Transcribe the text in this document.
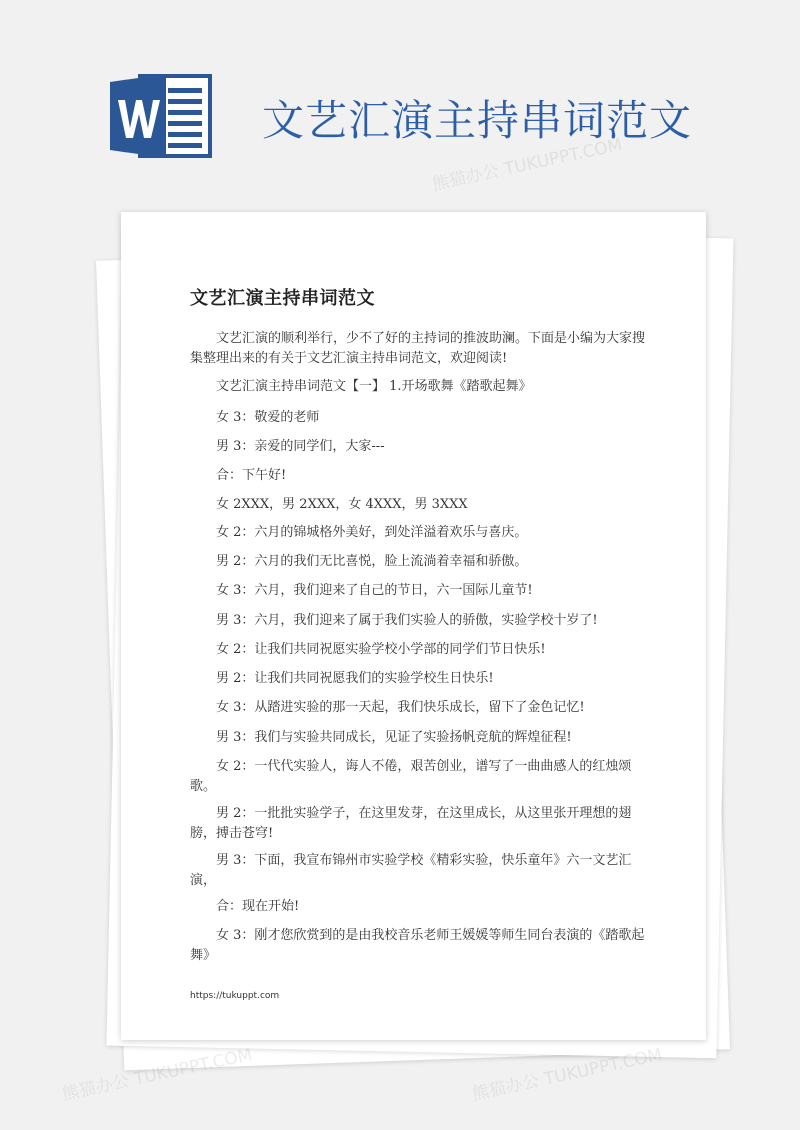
文艺汇演主持串词范文
文艺汇演主持串词范文
文艺汇演的顺利举行，少不了好的主持词的推波助澜。下面是小编为大家搜集整理出来的有关于文艺汇演主持串词范文，欢迎阅读!
文艺汇演主持串词范文【一】 1.开场歌舞《踏歌起舞》
女 3：敬爱的老师
男 3：亲爱的同学们，大家---
合：下午好!
女 2XXX，男 2XXX，女 4XXX，男 3XXX
女 2：六月的锦城格外美好，到处洋溢着欢乐与喜庆。
男 2：六月的我们无比喜悦，脸上流淌着幸福和骄傲。
女 3：六月，我们迎来了自己的节日，六一国际儿童节!
男 3：六月，我们迎来了属于我们实验人的骄傲，实验学校十岁了!
女 2：让我们共同祝愿实验学校小学部的同学们节日快乐!
男 2：让我们共同祝愿我们的实验学校生日快乐!
女 3：从踏进实验的那一天起，我们快乐成长，留下了金色记忆!
男 3：我们与实验共同成长，见证了实验扬帆竞航的辉煌征程!
女 2：一代代实验人，诲人不倦，艰苦创业，谱写了一曲曲感人的红烛颂歌。
男 2：一批批实验学子，在这里发芽，在这里成长，从这里张开理想的翅膀，搏击苍穹!
男 3：下面，我宣布锦州市实验学校《精彩实验，快乐童年》六一文艺汇演，
合：现在开始!
女 3：刚才您欣赏到的是由我校音乐老师王媛媛等师生同台表演的《踏歌起舞》
https://tukuppt.com
熊猫办公 TUKUPPT.COM
熊猫办公 TUKUPPT.COM
熊猫办公 TUKUPPT.COM
